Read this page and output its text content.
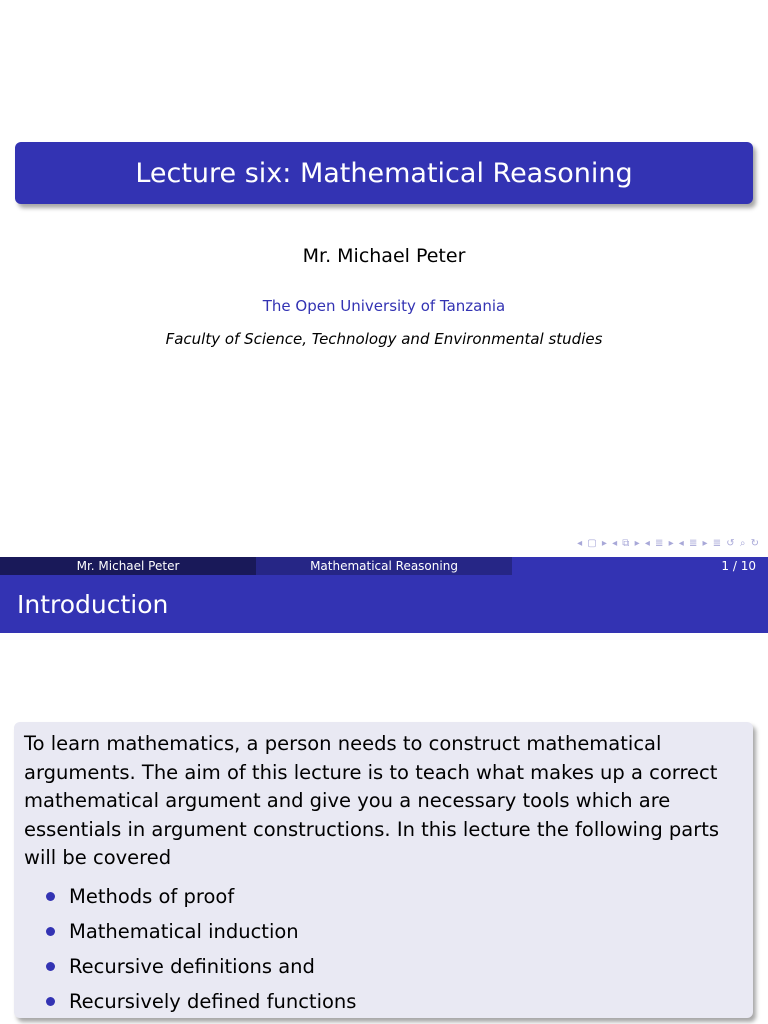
Lecture six: Mathematical Reasoning
Mr. Michael Peter
The Open University of Tanzania
Faculty of Science, Technology and Environmental studies
◂ ▢ ▸ ◂ ⧉ ▸ ◂ ≣ ▸ ◂ ≣ ▸ ≣ ↺ ⌕ ↻
Mr. Michael Peter	Mathematical Reasoning	1 / 10
Introduction
To learn mathematics, a person needs to construct mathematical arguments. The aim of this lecture is to teach what makes up a correct mathematical argument and give you a necessary tools which are essentials in argument constructions. In this lecture the following parts will be covered
Methods of proof
Mathematical induction
Recursive definitions and
Recursively defined functions
